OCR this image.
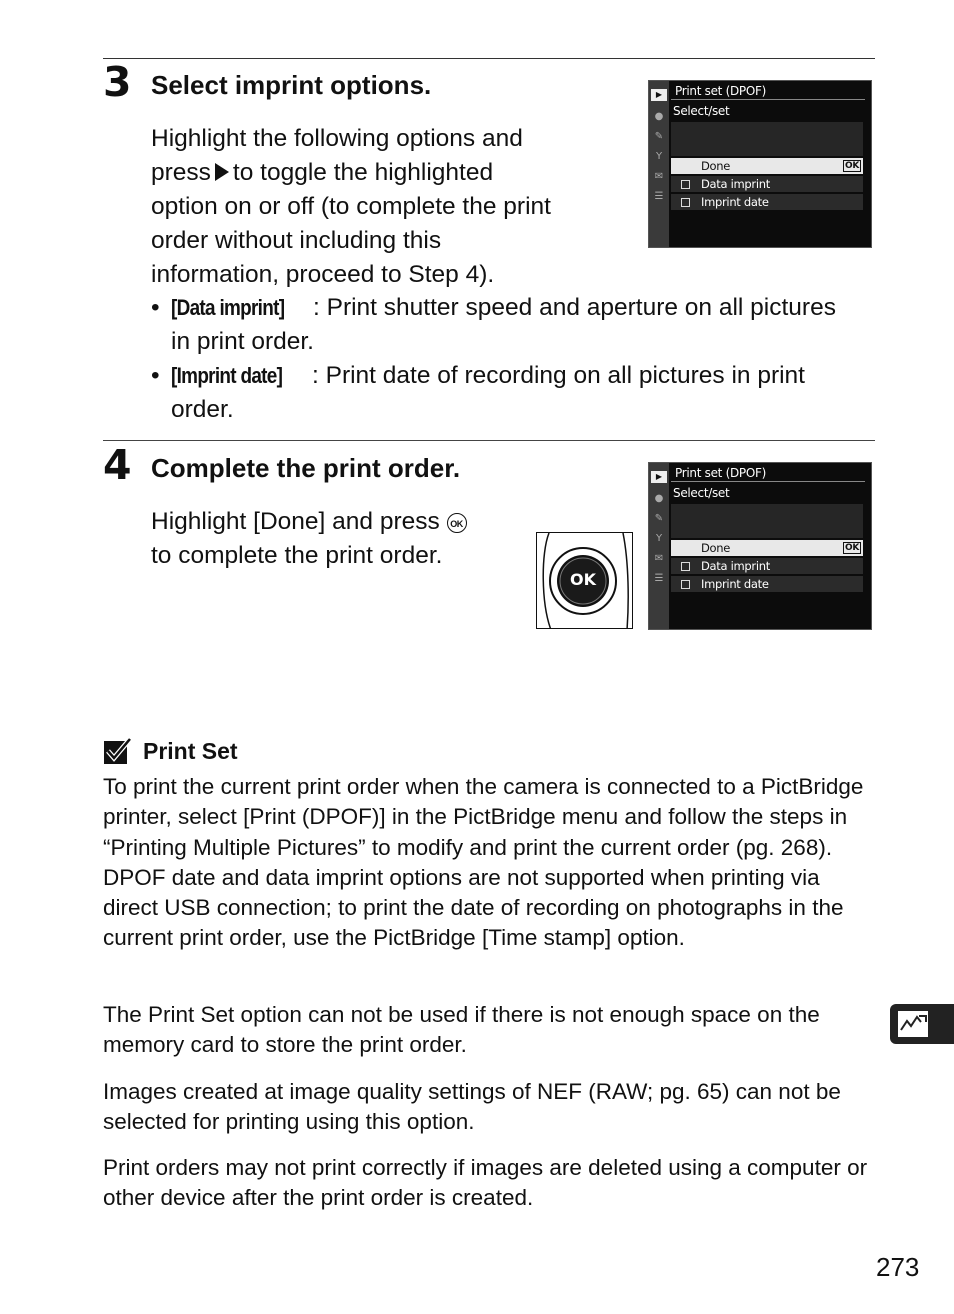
3 Select imprint options.
Highlight the following options and
press to toggle the highlighted
option on or off (to complete the print
order without including this
information, proceed to Step 4).
• [Data imprint] : Print shutter speed and aperture on all pictures
in print order.
• [Imprint date] : Print date of recording on all pictures in print
order.
▶
●
✎
Y
✉
☰
Print set (DPOF)
Select/set
Done	OK
Data imprint
Imprint date
4 Complete the print order.
Highlight [Done] and press OK
to complete the print order.
OK
▶
●
✎
Y
✉
☰
Print set (DPOF)
Select/set
Done	OK
Data imprint
Imprint date
Print Set

To print the current print order when the camera is connected to a PictBridge printer, select [Print (DPOF)] in the PictBridge menu and follow the steps in “Printing Multiple Pictures” to modify and print the current order (pg. 268). DPOF date and data imprint options are not supported when printing via direct USB connection; to print the date of recording on photographs in the current print order, use the PictBridge [Time stamp] option.

The Print Set option can not be used if there is not enough space on the memory card to store the print order.

Images created at image quality settings of NEF (RAW; pg. 65) can not be selected for printing using this option.

Print orders may not print correctly if images are deleted using a computer or other device after the print order is created.

273
